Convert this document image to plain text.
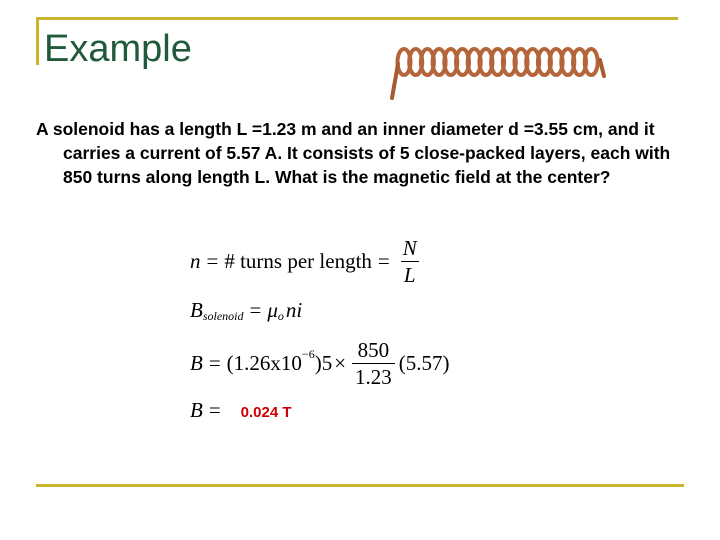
Example

A solenoid has a length L =1.23 m and an inner diameter d =3.55 cm, and it carries a current of 5.57 A. It consists of 5 close-packed layers, each with 850 turns along length L. What is the magnetic field at the center?

n = # turns per length = $\frac{N}{L}$
B solenoid = μ o ni
B = (1.26x10 −6 )$5 \times \frac{850}{1.23} (5.57)$
B = 0.024 T
